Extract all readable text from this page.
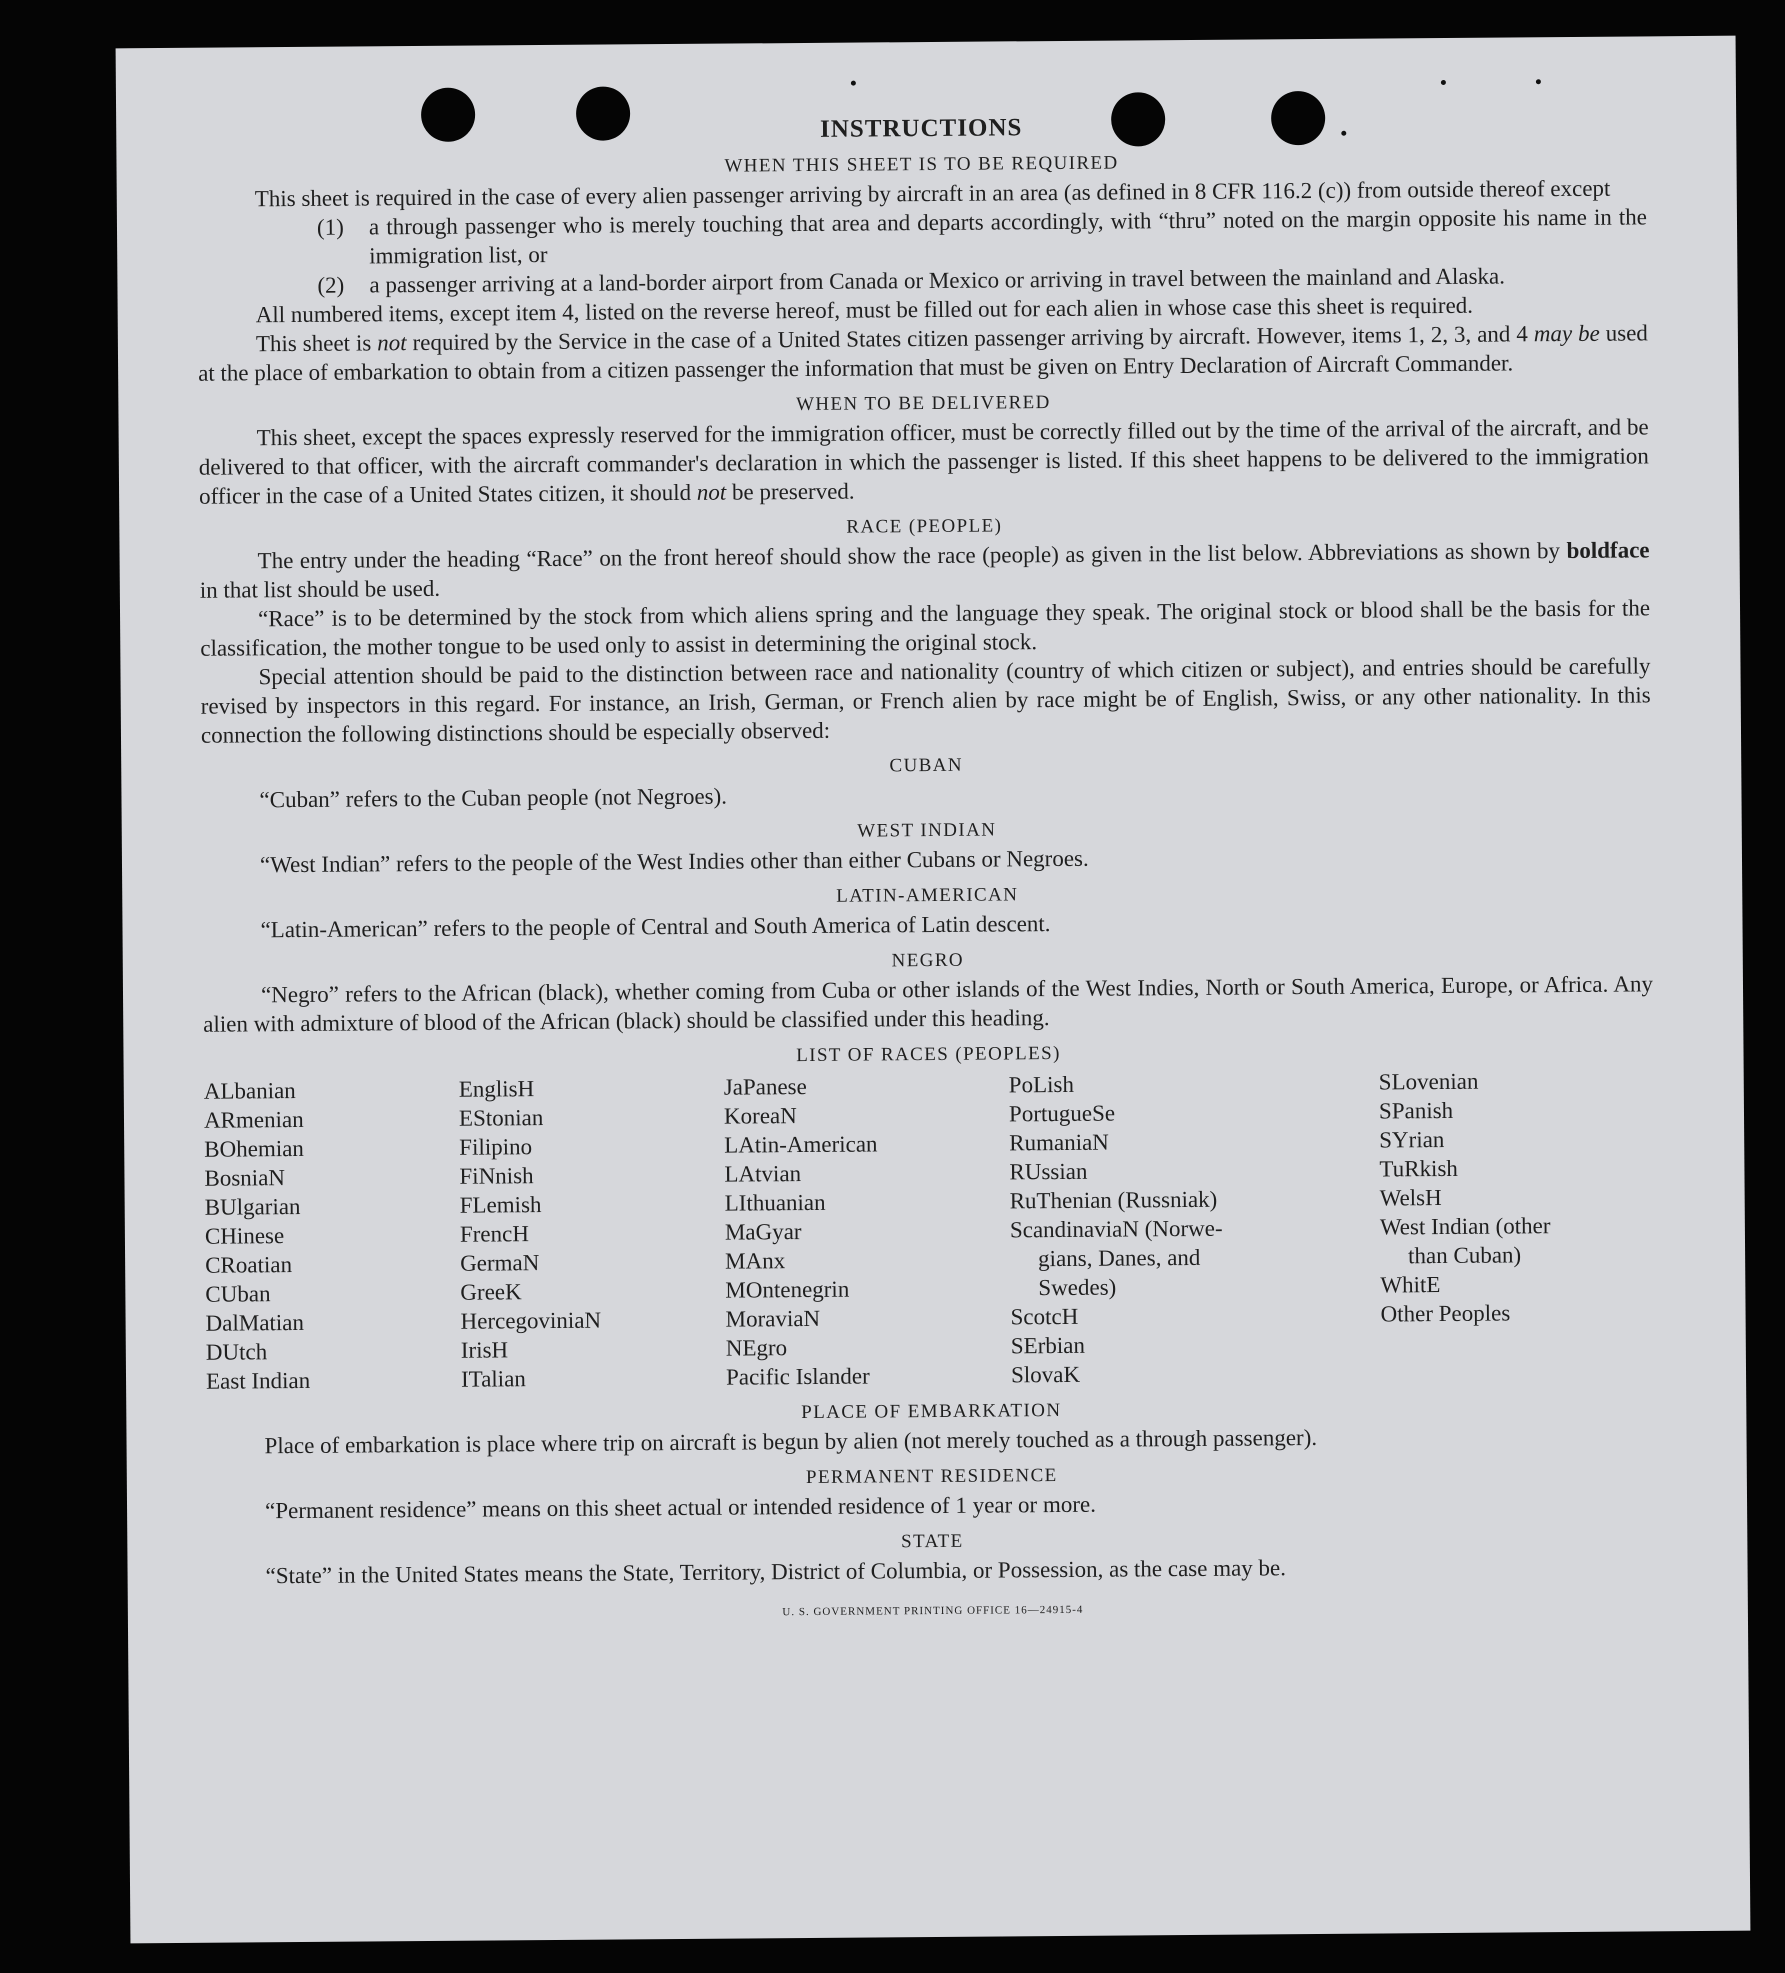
INSTRUCTIONS
WHEN THIS SHEET IS TO BE REQUIRED

This sheet is required in the case of every alien passenger arriving by aircraft in an area (as defined in 8 CFR 116.2 (c)) from outside thereof except

(1)	a through passenger who is merely touching that area and departs accordingly, with “thru” noted on the margin opposite his name in the immigration list, or
(2)	a passenger arriving at a land-border airport from Canada or Mexico or arriving in travel between the mainland and Alaska.

All numbered items, except item 4, listed on the reverse hereof, must be filled out for each alien in whose case this sheet is required.

This sheet is not required by the Service in the case of a United States citizen passenger arriving by aircraft. However, items 1, 2, 3, and 4 may be used at the place of embarkation to obtain from a citizen passenger the information that must be given on Entry Declaration of Aircraft Commander.

WHEN TO BE DELIVERED

This sheet, except the spaces expressly reserved for the immigration officer, must be correctly filled out by the time of the arrival of the aircraft, and be delivered to that officer, with the aircraft commander's declaration in which the passenger is listed. If this sheet happens to be delivered to the immigration officer in the case of a United States citizen, it should not be preserved.

RACE (PEOPLE)

The entry under the heading “Race” on the front hereof should show the race (people) as given in the list below. Abbreviations as shown by boldface in that list should be used.

“Race” is to be determined by the stock from which aliens spring and the language they speak. The original stock or blood shall be the basis for the classification, the mother tongue to be used only to assist in determining the original stock.

Special attention should be paid to the distinction between race and nationality (country of which citizen or subject), and entries should be carefully revised by inspectors in this regard. For instance, an Irish, German, or French alien by race might be of English, Swiss, or any other nationality. In this connection the following distinctions should be especially observed:

CUBAN

“Cuban” refers to the Cuban people (not Negroes).

WEST INDIAN

“West Indian” refers to the people of the West Indies other than either Cubans or Negroes.

LATIN-AMERICAN

“Latin-American” refers to the people of Central and South America of Latin descent.

NEGRO

“Negro” refers to the African (black), whether coming from Cuba or other islands of the West Indies, North or South America, Europe, or Africa. Any alien with admixture of blood of the African (black) should be classified under this heading.

LIST OF RACES (PEOPLES)
ALbanian
ARmenian
BOhemian
BosniaN
BUlgarian
CHinese
CRoatian
CUban
DalMatian
DUtch
East Indian
EnglisH
EStonian
Filipino
FiNnish
FLemish
FrencH
GermaN
GreeK
HercegoviniaN
IrisH
ITalian
JaPanese
KoreaN
LAtin-American
LAtvian
LIthuanian
MaGyar
MAnx
MOntenegrin
MoraviaN
NEgro
Pacific Islander
PoLish
PortugueSe
RumaniaN
RUssian
RuThenian (Russniak)
ScandinaviaN (Norwe-
gians, Danes, and
Swedes)
ScotcH
SErbian
SlovaK
SLovenian
SPanish
SYrian
TuRkish
WelsH
West Indian (other
than Cuban)
WhitE
Other Peoples
PLACE OF EMBARKATION

Place of embarkation is place where trip on aircraft is begun by alien (not merely touched as a through passenger).

PERMANENT RESIDENCE

“Permanent residence” means on this sheet actual or intended residence of 1 year or more.

STATE

“State” in the United States means the State, Territory, District of Columbia, or Possession, as the case may be.

U. S. GOVERNMENT PRINTING OFFICE 16—24915-4
